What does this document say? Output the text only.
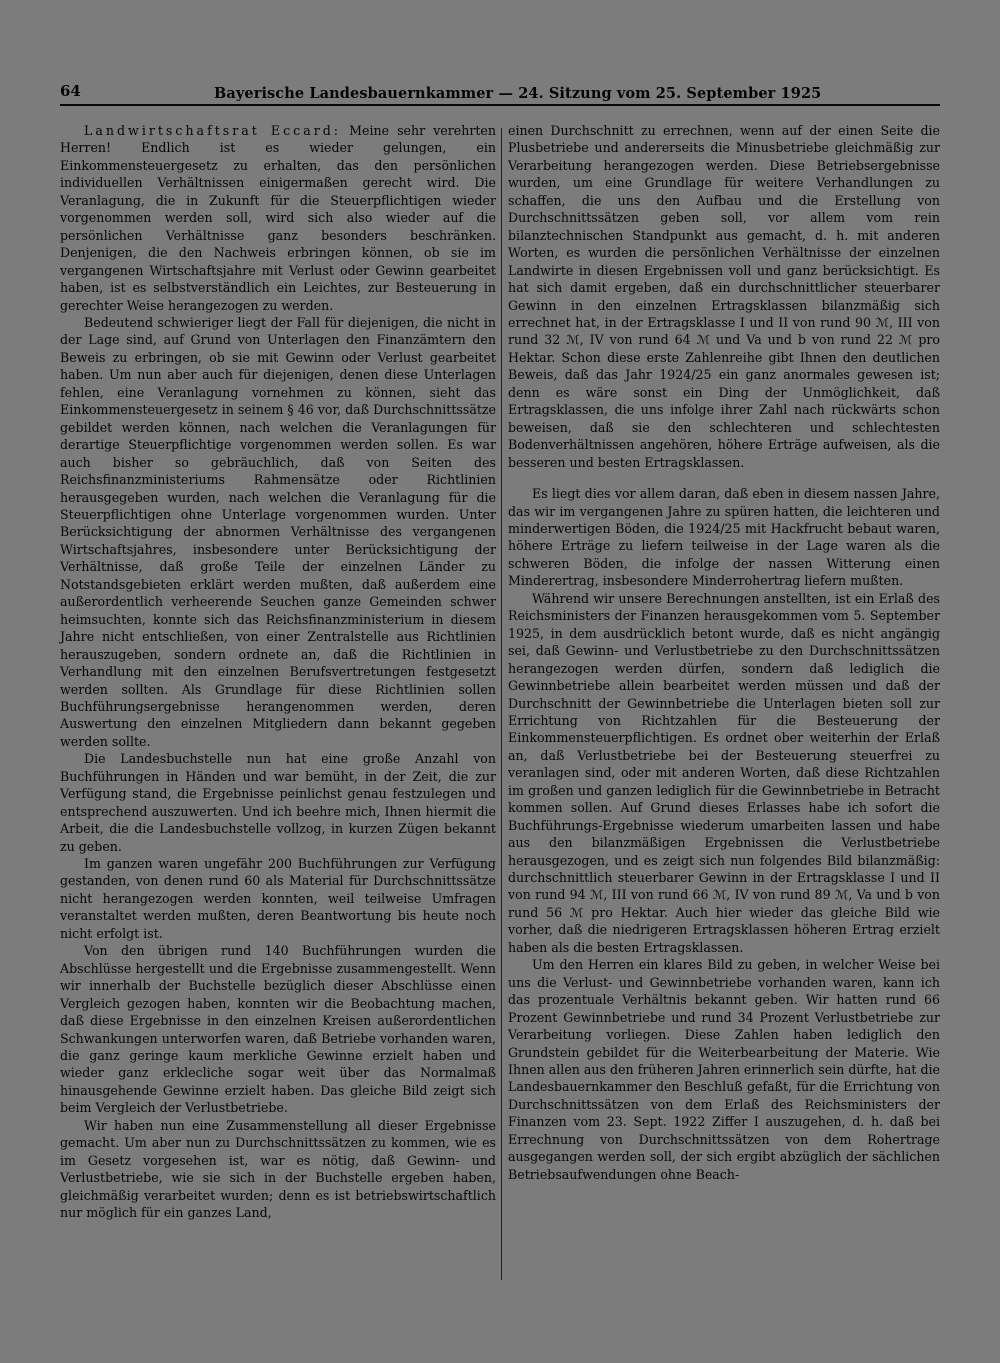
64	Bayerische Landesbauernkammer — 24. Sitzung vom 25. September 1925

Landwirtschaftsrat Eccard: Meine sehr verehrten Herren! Endlich ist es wieder gelungen, ein Einkommensteuergesetz zu erhalten, das den persönlichen individuellen Verhältnissen einigermaßen gerecht wird. Die Veranlagung, die in Zukunft für die Steuerpflichtigen wieder vorgenommen werden soll, wird sich also wieder auf die persönlichen Verhältnisse ganz besonders beschränken. Denjenigen, die den Nachweis erbringen können, ob sie im vergangenen Wirtschaftsjahre mit Verlust oder Gewinn gearbeitet haben, ist es selbstverständlich ein Leichtes, zur Besteuerung in gerechter Weise herangezogen zu werden.

Bedeutend schwieriger liegt der Fall für diejenigen, die nicht in der Lage sind, auf Grund von Unterlagen den Finanzämtern den Beweis zu erbringen, ob sie mit Gewinn oder Verlust gearbeitet haben. Um nun aber auch für diejenigen, denen diese Unterlagen fehlen, eine Veranlagung vornehmen zu können, sieht das Einkommensteuergesetz in seinem § 46 vor, daß Durchschnittssätze gebildet werden können, nach welchen die Veranlagungen für derartige Steuerpflichtige vorgenommen werden sollen. Es war auch bisher so gebräuchlich, daß von Seiten des Reichsfinanzministeriums Rahmensätze oder Richtlinien herausgegeben wurden, nach welchen die Veranlagung für die Steuerpflichtigen ohne Unterlage vorgenommen wurden. Unter Berücksichtigung der abnormen Verhältnisse des vergangenen Wirtschaftsjahres, insbesondere unter Berücksichtigung der Verhältnisse, daß große Teile der einzelnen Länder zu Notstandsgebieten erklärt werden mußten, daß außerdem eine außerordentlich verheerende Seuchen ganze Gemeinden schwer heimsuchten, konnte sich das Reichsfinanzministerium in diesem Jahre nicht entschließen, von einer Zentralstelle aus Richtlinien herauszugeben, sondern ordnete an, daß die Richtlinien in Verhandlung mit den einzelnen Berufsvertretungen festgesetzt werden sollten. Als Grundlage für diese Richtlinien sollen Buchführungsergebnisse herangenommen werden, deren Auswertung den einzelnen Mitgliedern dann bekannt gegeben werden sollte.

Die Landesbuchstelle nun hat eine große Anzahl von Buchführungen in Händen und war bemüht, in der Zeit, die zur Verfügung stand, die Ergebnisse peinlichst genau festzulegen und entsprechend auszuwerten. Und ich beehre mich, Ihnen hiermit die Arbeit, die die Landesbuchstelle vollzog, in kurzen Zügen bekannt zu geben.

Im ganzen waren ungefähr 200 Buchführungen zur Verfügung gestanden, von denen rund 60 als Material für Durchschnittssätze nicht herangezogen werden konnten, weil teilweise Umfragen veranstaltet werden mußten, deren Beantwortung bis heute noch nicht erfolgt ist.

Von den übrigen rund 140 Buchführungen wurden die Abschlüsse hergestellt und die Ergebnisse zusammengestellt. Wenn wir innerhalb der Buchstelle bezüglich dieser Abschlüsse einen Vergleich gezogen haben, konnten wir die Beobachtung machen, daß diese Ergebnisse in den einzelnen Kreisen außerordentlichen Schwankungen unterworfen waren, daß Betriebe vorhanden waren, die ganz geringe kaum merkliche Gewinne erzielt haben und wieder ganz erklecliche sogar weit über das Normalmaß hinausgehende Gewinne erzielt haben. Das gleiche Bild zeigt sich beim Vergleich der Verlustbetriebe.

Wir haben nun eine Zusammenstellung all dieser Ergebnisse gemacht. Um aber nun zu Durchschnittssätzen zu kommen, wie es im Gesetz vorgesehen ist, war es nötig, daß Gewinn- und Verlustbetriebe, wie sie sich in der Buchstelle ergeben haben, gleichmäßig verarbeitet wurden; denn es ist betriebswirtschaftlich nur möglich für ein ganzes Land,

einen Durchschnitt zu errechnen, wenn auf der einen Seite die Plusbetriebe und andererseits die Minusbetriebe gleichmäßig zur Verarbeitung herangezogen werden. Diese Betriebsergebnisse wurden, um eine Grundlage für weitere Verhandlungen zu schaffen, die uns den Aufbau und die Erstellung von Durchschnittssätzen geben soll, vor allem vom rein bilanztechnischen Standpunkt aus gemacht, d. h. mit anderen Worten, es wurden die persönlichen Verhältnisse der einzelnen Landwirte in diesen Ergebnissen voll und ganz berücksichtigt. Es hat sich damit ergeben, daß ein durchschnittlicher steuerbarer Gewinn in den einzelnen Ertragsklassen bilanzmäßig sich errechnet hat, in der Ertragsklasse I und II von rund 90 ℳ, III von rund 32 ℳ, IV von rund 64 ℳ und Va und b von rund 22 ℳ pro Hektar. Schon diese erste Zahlenreihe gibt Ihnen den deutlichen Beweis, daß das Jahr 1924/25 ein ganz anormales gewesen ist; denn es wäre sonst ein Ding der Unmöglichkeit, daß Ertragsklassen, die uns infolge ihrer Zahl nach rückwärts schon beweisen, daß sie den schlechteren und schlechtesten Bodenverhältnissen angehören, höhere Erträge aufweisen, als die besseren und besten Ertragsklassen.

Es liegt dies vor allem daran, daß eben in diesem nassen Jahre, das wir im vergangenen Jahre zu spüren hatten, die leichteren und minderwertigen Böden, die 1924/25 mit Hackfrucht bebaut waren, höhere Erträge zu liefern teilweise in der Lage waren als die schweren Böden, die infolge der nassen Witterung einen Minderertrag, insbesondere Minderrohertrag liefern mußten.

Während wir unsere Berechnungen anstellten, ist ein Erlaß des Reichsministers der Finanzen herausgekommen vom 5. September 1925, in dem ausdrücklich betont wurde, daß es nicht angängig sei, daß Gewinn- und Verlustbetriebe zu den Durchschnittssätzen herangezogen werden dürfen, sondern daß lediglich die Gewinnbetriebe allein bearbeitet werden müssen und daß der Durchschnitt der Gewinnbetriebe die Unterlagen bieten soll zur Errichtung von Richtzahlen für die Besteuerung der Einkommensteuerpflichtigen. Es ordnet ober weiterhin der Erlaß an, daß Verlustbetriebe bei der Besteuerung steuerfrei zu veranlagen sind, oder mit anderen Worten, daß diese Richtzahlen im großen und ganzen lediglich für die Gewinnbetriebe in Betracht kommen sollen. Auf Grund dieses Erlasses habe ich sofort die Buchführungs-Ergebnisse wiederum umarbeiten lassen und habe aus den bilanzmäßigen Ergebnissen die Verlustbetriebe herausgezogen, und es zeigt sich nun folgendes Bild bilanzmäßig: durchschnittlich steuerbarer Gewinn in der Ertragsklasse I und II von rund 94 ℳ, III von rund 66 ℳ, IV von rund 89 ℳ, Va und b von rund 56 ℳ pro Hektar. Auch hier wieder das gleiche Bild wie vorher, daß die niedrigeren Ertragsklassen höheren Ertrag erzielt haben als die besten Ertragsklassen.

Um den Herren ein klares Bild zu geben, in welcher Weise bei uns die Verlust- und Gewinnbetriebe vorhanden waren, kann ich das prozentuale Verhältnis bekannt geben. Wir hatten rund 66 Prozent Gewinnbetriebe und rund 34 Prozent Verlustbetriebe zur Verarbeitung vorliegen. Diese Zahlen haben lediglich den Grundstein gebildet für die Weiterbearbeitung der Materie. Wie Ihnen allen aus den früheren Jahren erinnerlich sein dürfte, hat die Landesbauernkammer den Beschluß gefaßt, für die Errichtung von Durchschnittssätzen von dem Erlaß des Reichsministers der Finanzen vom 23. Sept. 1922 Ziffer I auszugehen, d. h. daß bei Errechnung von Durchschnittssätzen von dem Rohertrage ausgegangen werden soll, der sich ergibt abzüglich der sächlichen Betriebsaufwendungen ohne Beach-
